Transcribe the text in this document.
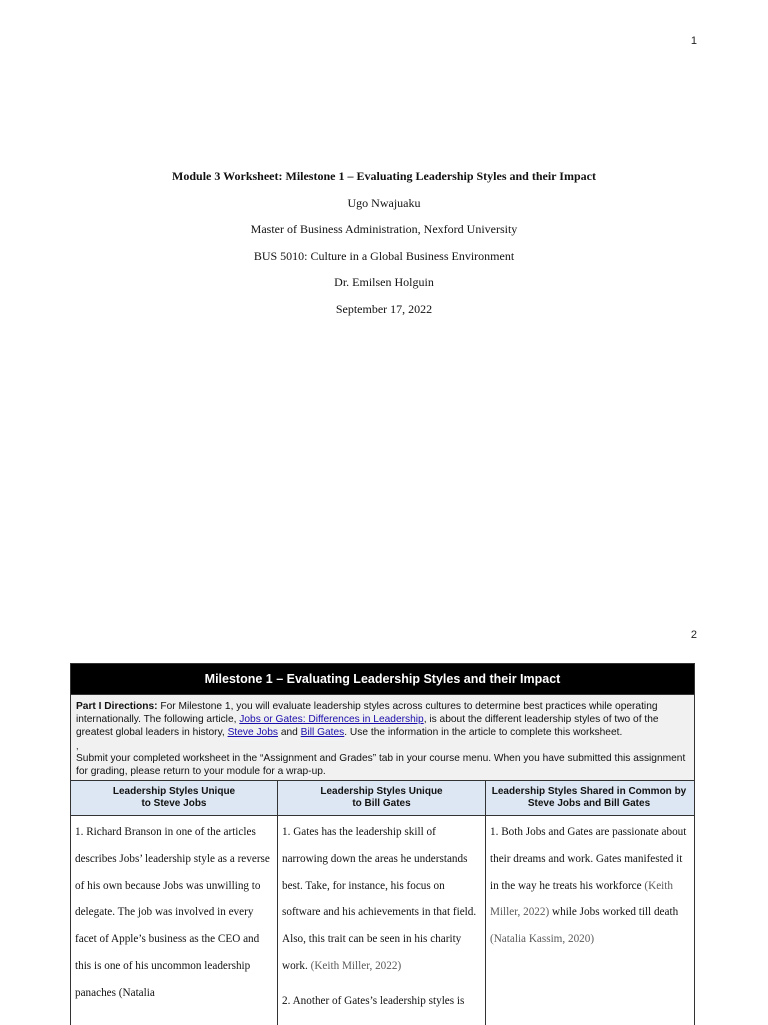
1
Module 3 Worksheet: Milestone 1 – Evaluating Leadership Styles and their Impact
Ugo Nwajuaku
Master of Business Administration, Nexford University
BUS 5010: Culture in a Global Business Environment
Dr. Emilsen Holguin
September 17, 2022
2
Milestone 1 – Evaluating Leadership Styles and their Impact
Part I Directions: For Milestone 1, you will evaluate leadership styles across cultures to determine best practices while operating internationally. The following article, Jobs or Gates: Differences in Leadership, is about the different leadership styles of two of the greatest global leaders in history, Steve Jobs and Bill Gates. Use the information in the article to complete this worksheet.
,
Submit your completed worksheet in the “Assignment and Grades” tab in your course menu. When you have submitted this assignment for grading, please return to your module for a wrap-up.
Leadership Styles Unique
to Steve Jobs
Leadership Styles Unique
to Bill Gates
Leadership Styles Shared in Common by
Steve Jobs and Bill Gates

1. Richard Branson in one of the articles describes Jobs’ leadership style as a reverse of his own because Jobs was unwilling to delegate. The job was involved in every facet of Apple’s business as the CEO and this is one of his uncommon leadership panaches (Natalia

1. Gates has the leadership skill of narrowing down the areas he understands best. Take, for instance, his focus on software and his achievements in that field. Also, this trait can be seen in his charity work. (Keith Miller, 2022)

2. Another of Gates’s leadership styles is

1. Both Jobs and Gates are passionate about their dreams and work. Gates manifested it in the way he treats his workforce (Keith Miller, 2022) while Jobs worked till death (Natalia Kassim, 2020)
